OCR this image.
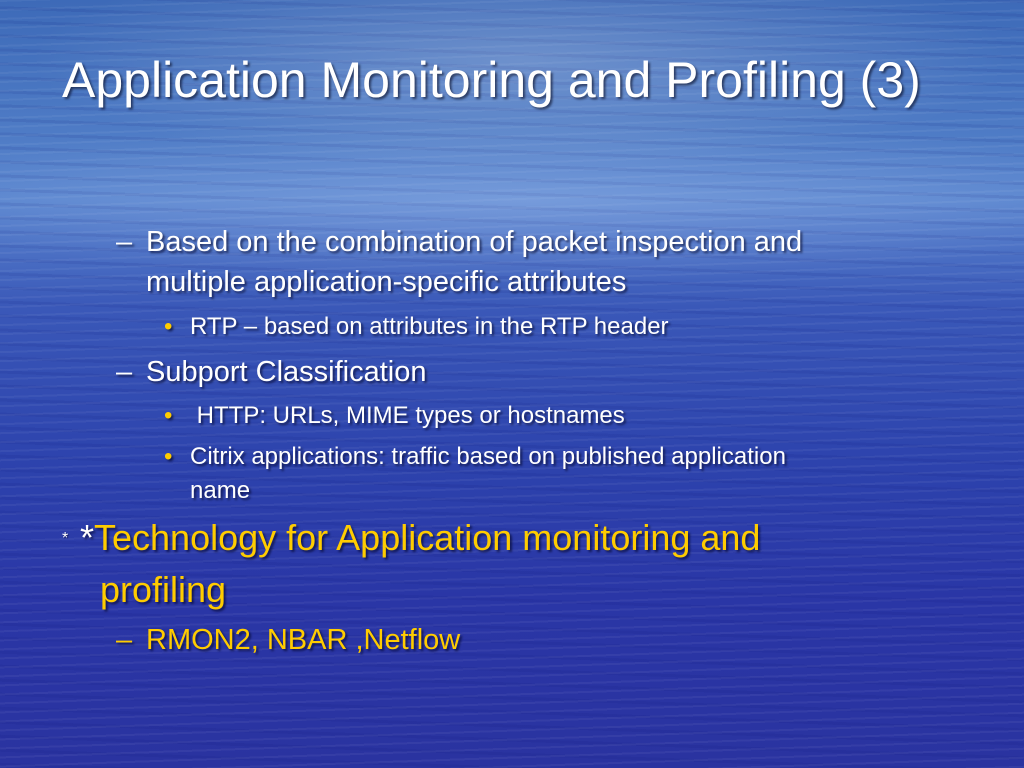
Application Monitoring and Profiling (3)
– Based on the combination of packet inspection and
multiple application-specific attributes
• RTP – based on attributes in the RTP header
– Subport Classification
• HTTP: URLs, MIME types or hostnames
• Citrix applications: traffic based on published application
name
* *Technology for Application monitoring and
profiling
– RMON2, NBAR ,Netflow
